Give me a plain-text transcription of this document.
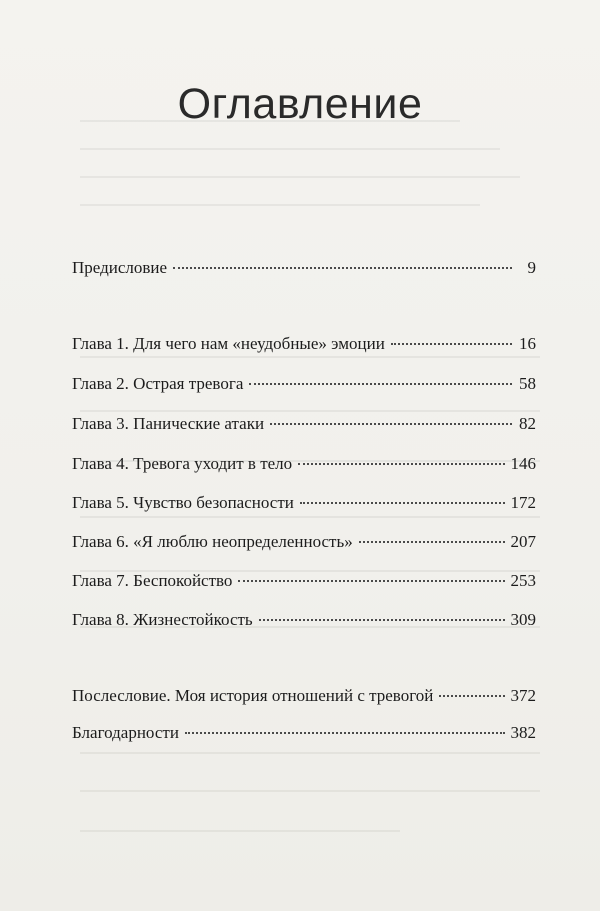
Оглавление
Предисловие	9
Глава 1. Для чего нам «неудобные» эмоции	16
Глава 2. Острая тревога	58
Глава 3. Панические атаки	82
Глава 4. Тревога уходит в тело	146
Глава 5. Чувство безопасности	172
Глава 6. «Я люблю неопределенность»	207
Глава 7. Беспокойство	253
Глава 8. Жизнестойкость	309
Послесловие. Моя история отношений с тревогой	372
Благодарности	382
